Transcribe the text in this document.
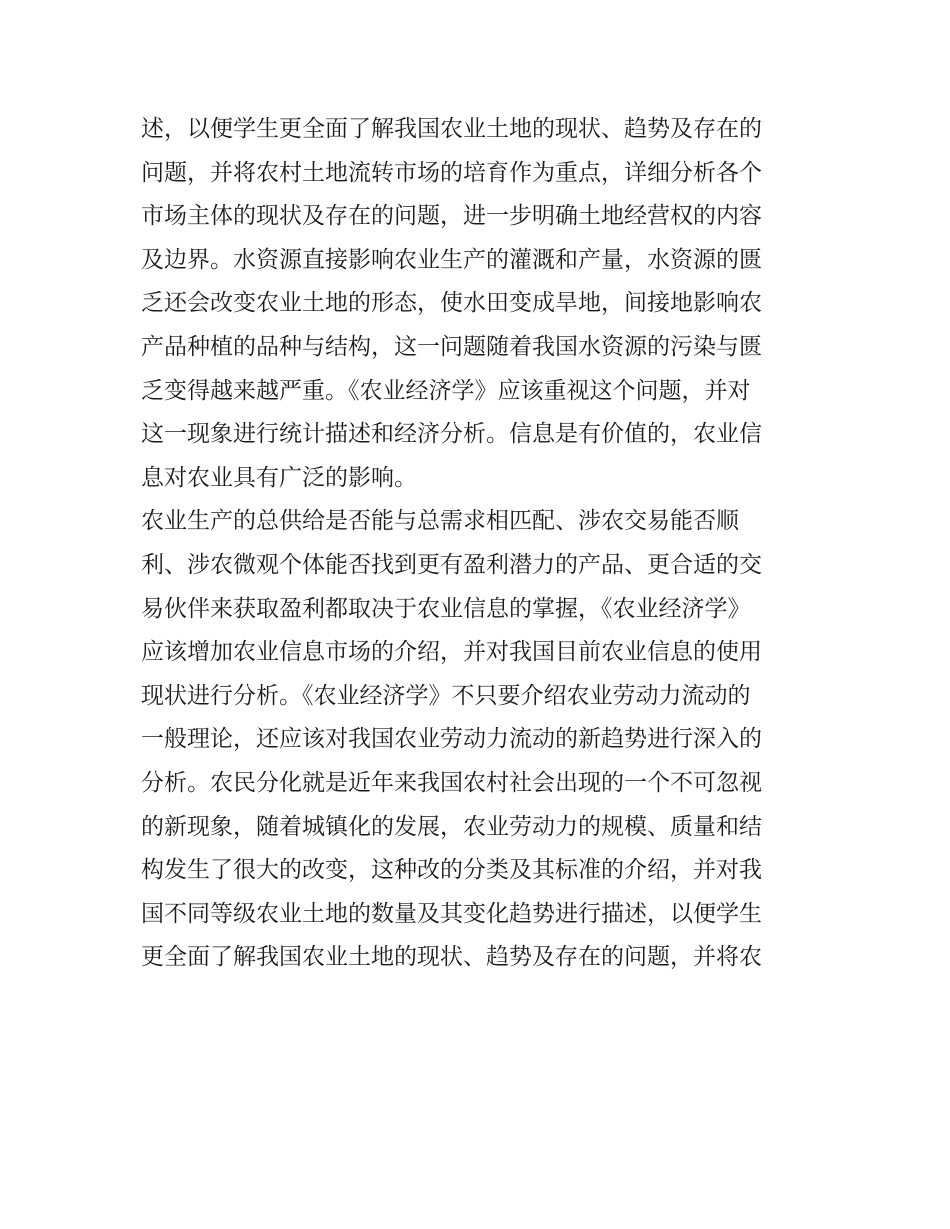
述，以便学生更全面了解我国农业土地的现状、趋势及存在的
问题，并将农村土地流转市场的培育作为重点，详细分析各个
市场主体的现状及存在的问题，进一步明确土地经营权的内容
及边界。水资源直接影响农业生产的灌溉和产量，水资源的匮
乏还会改变农业土地的形态，使水田变成旱地，间接地影响农
产品种植的品种与结构，这一问题随着我国水资源的污染与匮
乏变得越来越严重。《农业经济学》应该重视这个问题，并对
这一现象进行统计描述和经济分析。信息是有价值的，农业信
息对农业具有广泛的影响。
农业生产的总供给是否能与总需求相匹配、涉农交易能否顺
利、涉农微观个体能否找到更有盈利潜力的产品、更合适的交
易伙伴来获取盈利都取决于农业信息的掌握，《农业经济学》
应该增加农业信息市场的介绍，并对我国目前农业信息的使用
现状进行分析。《农业经济学》不只要介绍农业劳动力流动的
一般理论，还应该对我国农业劳动力流动的新趋势进行深入的
分析。农民分化就是近年来我国农村社会出现的一个不可忽视
的新现象，随着城镇化的发展，农业劳动力的规模、质量和结
构发生了很大的改变，这种改的分类及其标准的介绍，并对我
国不同等级农业土地的数量及其变化趋势进行描述，以便学生
更全面了解我国农业土地的现状、趋势及存在的问题，并将农
